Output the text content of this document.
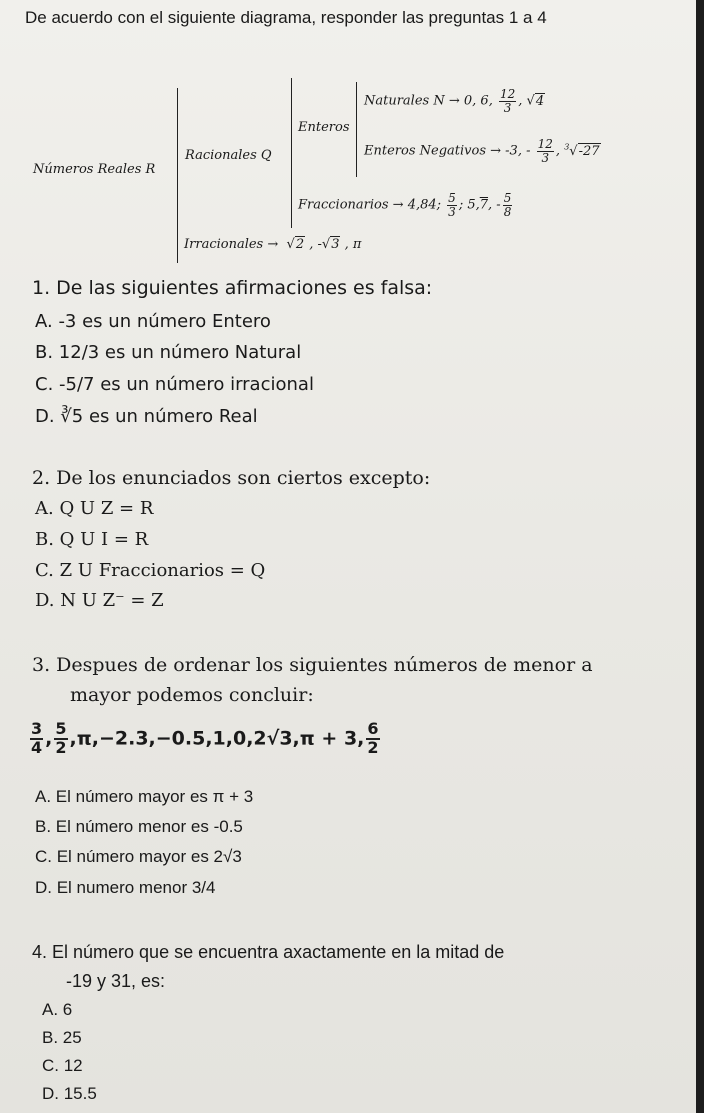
De acuerdo con el siguiente diagrama, responder las preguntas 1 a 4
Números Reales R
Racionales Q
Enteros
Naturales N → 0, 6, $\frac{12}{3}$ , √4
Enteros Negativos → -3, - $\frac{12}{3}$ , $^3$√-27
Fraccionarios → 4,84; $\frac{5}{3}$ ; 5,7, - $\frac{5}{8}$
Irracionales →  √2 , -√3 , π
1. De las siguientes afirmaciones es falsa:
A. -3 es un número Entero
B. 12/3 es un número Natural
C. -5/7 es un número irracional
D. ∛5 es un número Real
2. De los enunciados son ciertos excepto:
A. Q U Z = R
B. Q U I = R
C. Z U Fraccionarios = Q
D. N U Z⁻ = Z
3. Despues de ordenar los siguientes números de menor a
mayor podemos concluir:
$\frac{3}{4}$ , $\frac{5}{2} ,\pi,-2.3,-0.5,1,0,2√3,\pi + 3$, $\frac{6}{2}$
A. El número mayor es π + 3
B. El número menor es -0.5
C. El número mayor es 2√3
D. El numero menor 3/4
4. El número que se encuentra axactamente en la mitad de
-19 y 31, es:
A. 6
B. 25
C. 12
D. 15.5
